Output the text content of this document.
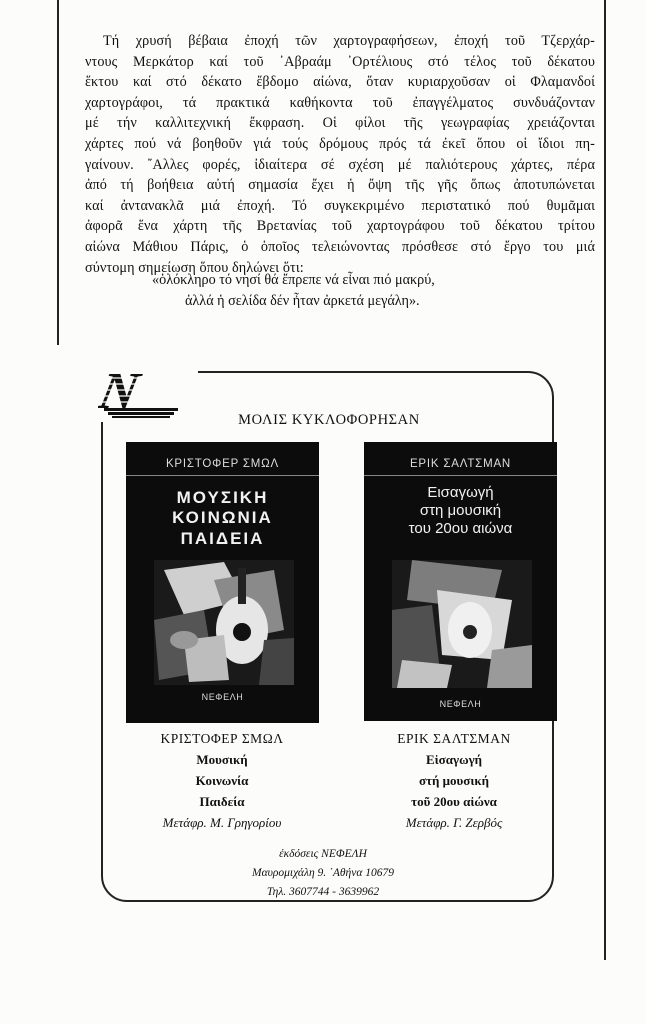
Τή χρυσή βέβαια ἐποχή τῶν χαρτογραφήσεων, ἐποχή τοῦ Τζερχάρ-
ντους Μερκάτορ καί τοῦ ᾿Αβραάμ ᾿Ορτέλιους στό τέλος τοῦ δέκατου
ἕκτου καί στό δέκατο ἕβδομο αἰώνα, ὅταν κυριαρχοῦσαν οἱ Φλαμανδοί
χαρτογράφοι, τά πρακτικά καθήκοντα τοῦ ἐπαγγέλματος συνδυάζονταν
μέ τήν καλλιτεχνική ἔκφραση. Οἱ φίλοι τῆς γεωγραφίας χρειάζονται
χάρτες πού νά βοηθοῦν γιά τούς δρόμους πρός τά ἐκεῖ ὅπου οἱ ἴδιοι πη-
γαίνουν. ῎Αλλες φορές, ἰδιαίτερα σέ σχέση μέ παλιότερους χάρτες, πέρα
ἀπό τή βοήθεια αὐτή σημασία ἔχει ἡ ὄψη τῆς γῆς ὅπως ἀποτυπώνεται
καί ἀντανακλᾶ μιά ἐποχή. Τό συγκεκριμένο περιστατικό πού θυμᾶμαι
ἀφορᾶ ἕνα χάρτη τῆς Βρετανίας τοῦ χαρτογράφου τοῦ δέκατου τρίτου
αἰώνα Μάθιου Πάρις, ὁ ὁποῖος τελειώνοντας πρόσθεσε στό ἔργο του μιά
σύντομη σημείωση ὅπου δηλώνει ὅτι:
«ὁλόκληρο τό νησί θά ἔπρεπε νά εἶναι πιό μακρύ,
ἀλλά ἡ σελίδα δέν ἦταν ἀρκετά μεγάλη».
N
ΜΟΛΙΣ ΚΥΚΛΟΦΟΡΗΣΑΝ
ΚΡΙΣΤΟΦΕΡ ΣΜΩΛ
ΜΟΥΣΙΚΗ
ΚΟΙΝΩΝΙΑ
ΠΑΙΔΕΙΑ
ΝΕΦΕΛΗ
ΕΡΙΚ ΣΑΛΤΣΜΑΝ
Εισαγωγή
στη μουσική
του 20ου αιώνα
ΝΕΦΕΛΗ
ΚΡΙΣΤΟΦΕΡ ΣΜΩΛ
Μουσική
Κοινωνία
Παιδεία
Μετάφρ. Μ. Γρηγορίου
ΕΡΙΚ ΣΑΛΤΣΜΑΝ
Εἰσαγωγή
στή μουσική
τοῦ 20ου αἰώνα
Μετάφρ. Γ. Ζερβός
ἐκδόσεις ΝΕΦΕΛΗ
Μαυρομιχάλη 9. ᾿Αθήνα 10679
Τηλ. 3607744 - 3639962
